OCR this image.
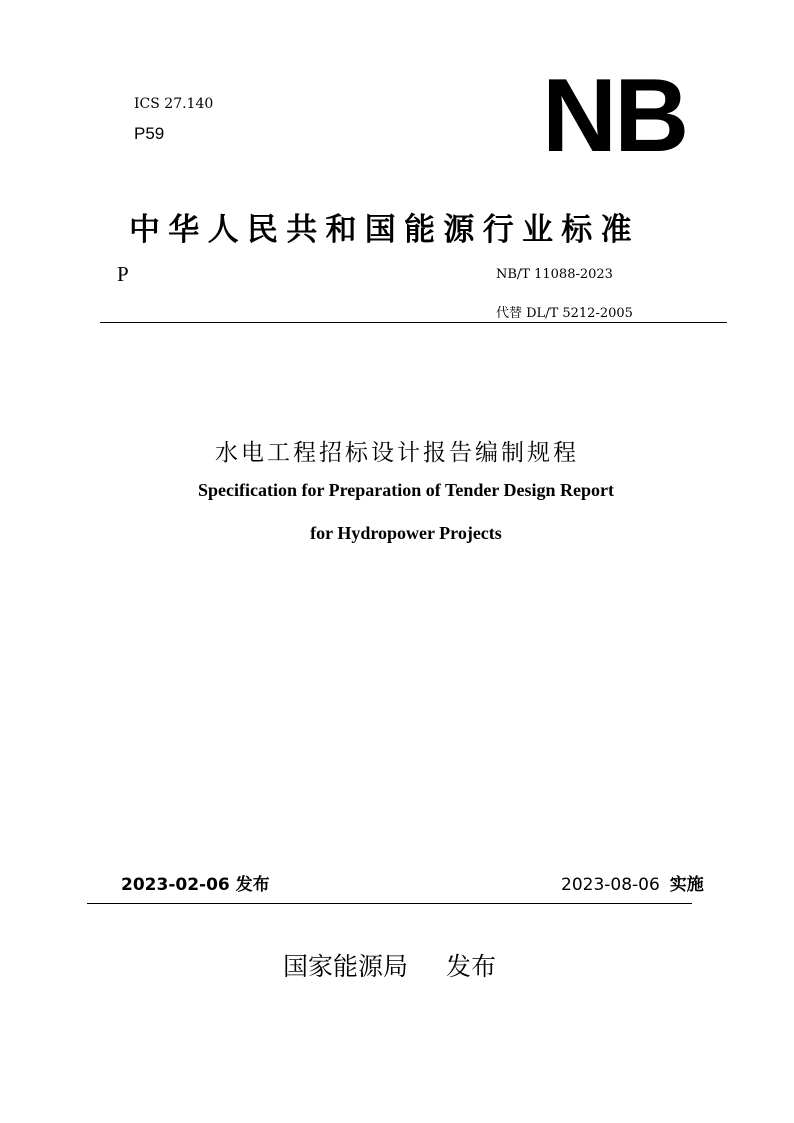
ICS 27.140
P59	NB
中华人民共和国能源行业标准
P	NB/T 11088-2023
代替 DL/T 5212-2005
水电工程招标设计报告编制规程
Specification for Preparation of Tender Design Report
for Hydropower Projects
2023-02-06 发布	2023-08-06 实施
国家能源局 发布
